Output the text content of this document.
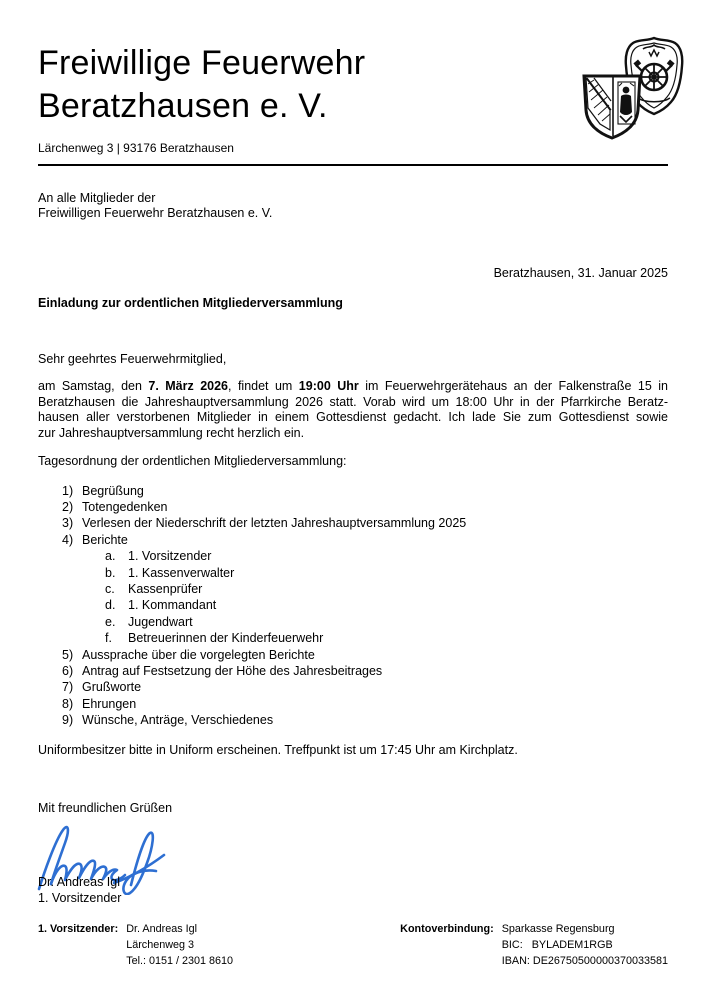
Freiwillige Feuerwehr
Beratzhausen e. V.
Lärchenweg 3 | 93176 Beratzhausen
An alle Mitglieder der
Freiwilligen Feuerwehr Beratzhausen e. V.
Beratzhausen, 31. Januar 2025
Einladung zur ordentlichen Mitgliederversammlung
Sehr geehrtes Feuerwehrmitglied,
am Samstag, den 7. März 2026, findet um 19:00 Uhr im Feuerwehrgerätehaus an der Falkenstraße 15 in
Beratzhausen die Jahreshauptversammlung 2026 statt. Vorab wird um 18:00 Uhr in der Pfarrkirche Beratz-
hausen aller verstorbenen Mitglieder in einem Gottesdienst gedacht. Ich lade Sie zum Gottesdienst sowie
zur Jahreshauptversammlung recht herzlich ein.
Tagesordnung der ordentlichen Mitgliederversammlung:
1) Begrüßung
2) Totengedenken
3) Verlesen der Niederschrift der letzten Jahreshauptversammlung 2025
4) Berichte
a.	1. Vorsitzender
b.	1. Kassenverwalter
c.	Kassenprüfer
d.	1. Kommandant
e.	Jugendwart
f.	Betreuerinnen der Kinderfeuerwehr
5) Aussprache über die vorgelegten Berichte
6) Antrag auf Festsetzung der Höhe des Jahresbeitrages
7) Grußworte
8) Ehrungen
9) Wünsche, Anträge, Verschiedenes
Uniformbesitzer bitte in Uniform erscheinen. Treffpunkt ist um 17:45 Uhr am Kirchplatz.
Mit freundlichen Grüßen
Dr. Andreas Igl
1. Vorsitzender
1. Vorsitzender: Dr. Andreas Igl
Lärchenweg 3
Tel.: 0151 / 2301 8610
Kontoverbindung: Sparkasse Regensburg
BIC:   BYLADEM1RGB
IBAN: DE26750500000370033581
